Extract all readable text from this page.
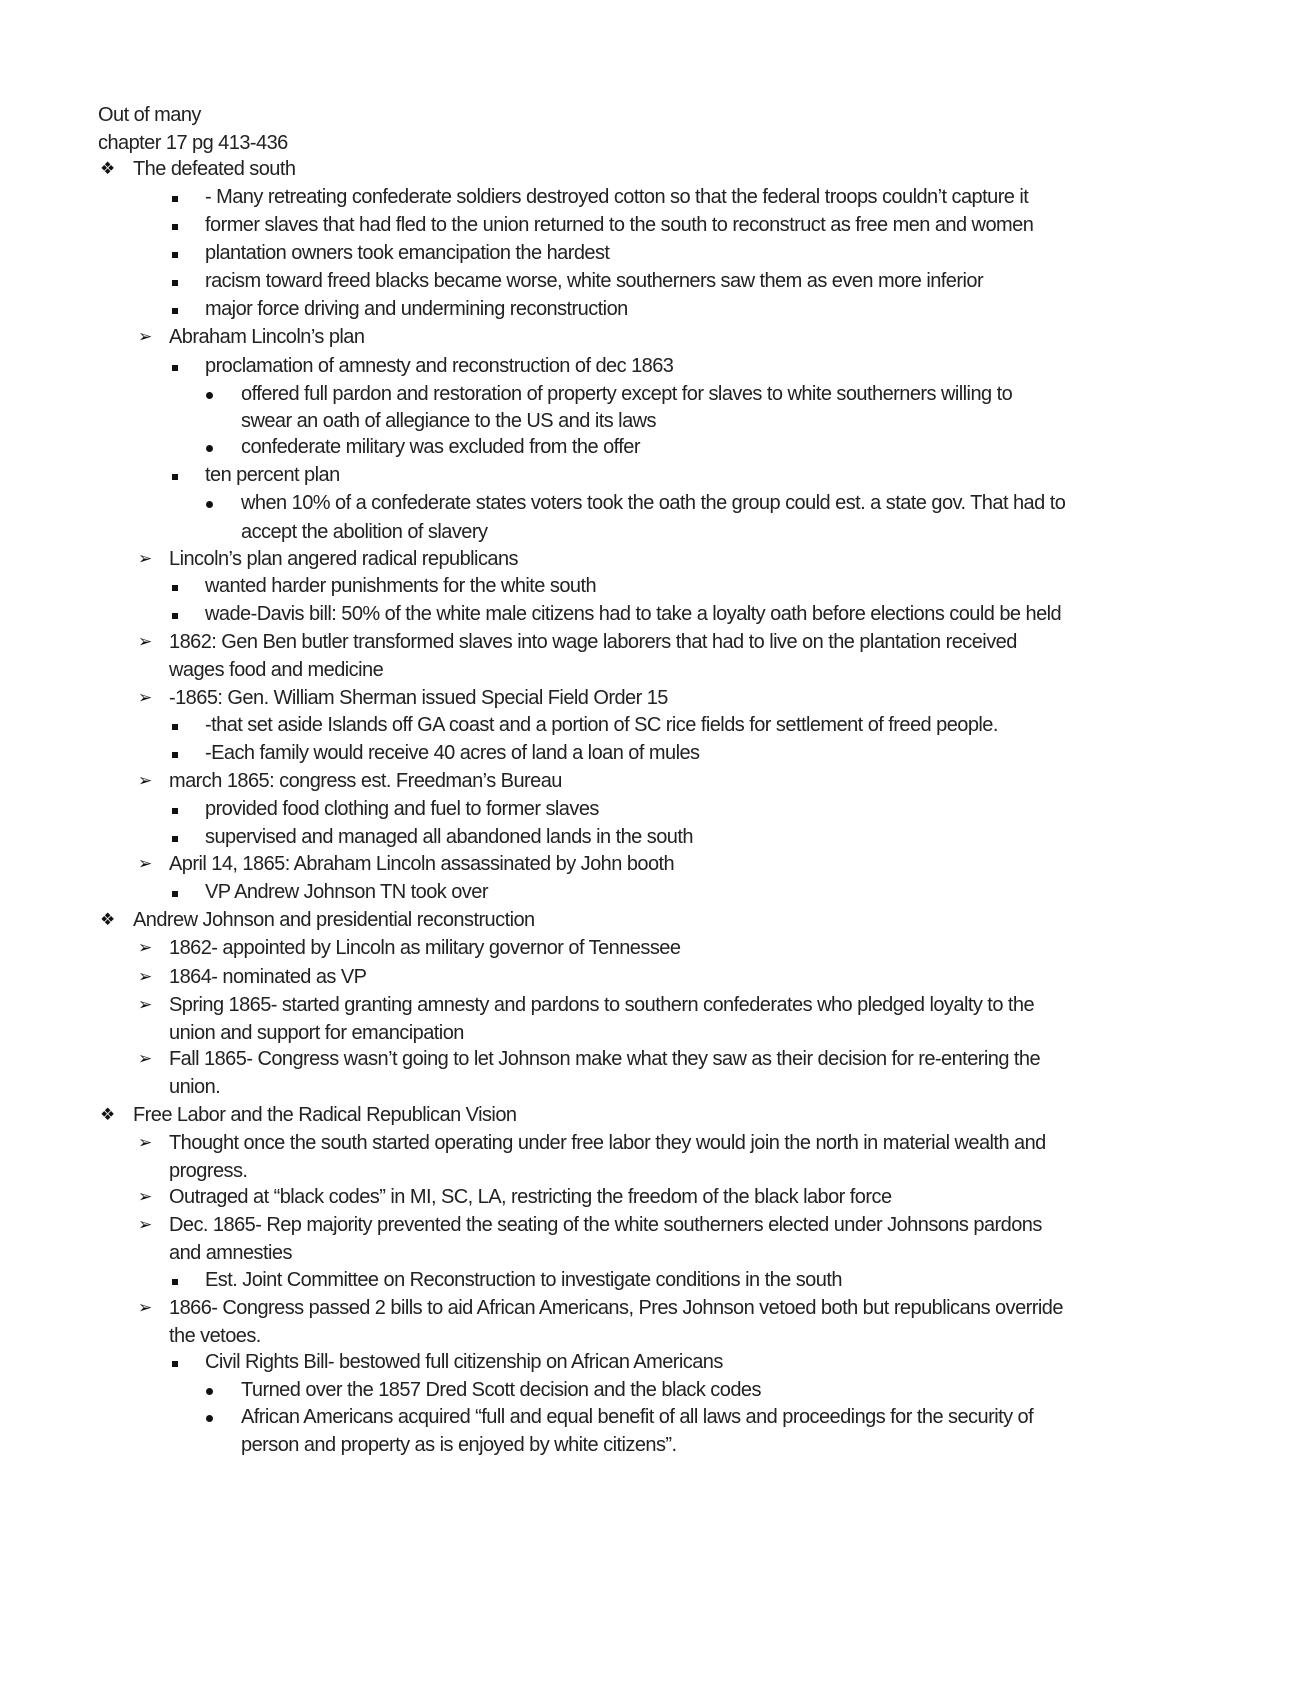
Out of many
chapter 17 pg 413-436
❖ The defeated south
- Many retreating confederate soldiers destroyed cotton so that the federal troops couldn’t capture it
former slaves that had fled to the union returned to the south to reconstruct as free men and women
plantation owners took emancipation the hardest
racism toward freed blacks became worse, white southerners saw them as even more inferior
major force driving and undermining reconstruction
➢ Abraham Lincoln’s plan
proclamation of amnesty and reconstruction of dec 1863
offered full pardon and restoration of property except for slaves to white southerners willing to
swear an oath of allegiance to the US and its laws
confederate military was excluded from the offer
ten percent plan
when 10% of a confederate states voters took the oath the group could est. a state gov. That had to
accept the abolition of slavery
➢ Lincoln’s plan angered radical republicans
wanted harder punishments for the white south
wade-Davis bill: 50% of the white male citizens had to take a loyalty oath before elections could be held
➢ 1862: Gen Ben butler transformed slaves into wage laborers that had to live on the plantation received
wages food and medicine
➢ -1865: Gen. William Sherman issued Special Field Order 15
-that set aside Islands off GA coast and a portion of SC rice fields for settlement of freed people.
-Each family would receive 40 acres of land a loan of mules
➢ march 1865: congress est. Freedman’s Bureau
provided food clothing and fuel to former slaves
supervised and managed all abandoned lands in the south
➢ April 14, 1865: Abraham Lincoln assassinated by John booth
VP Andrew Johnson TN took over
❖ Andrew Johnson and presidential reconstruction
➢ 1862- appointed by Lincoln as military governor of Tennessee
➢ 1864- nominated as VP
➢ Spring 1865- started granting amnesty and pardons to southern confederates who pledged loyalty to the
union and support for emancipation
➢ Fall 1865- Congress wasn’t going to let Johnson make what they saw as their decision for re-entering the
union.
❖ Free Labor and the Radical Republican Vision
➢ Thought once the south started operating under free labor they would join the north in material wealth and
progress.
➢ Outraged at “black codes” in MI, SC, LA, restricting the freedom of the black labor force
➢ Dec. 1865- Rep majority prevented the seating of the white southerners elected under Johnsons pardons
and amnesties
Est. Joint Committee on Reconstruction to investigate conditions in the south
➢ 1866- Congress passed 2 bills to aid African Americans, Pres Johnson vetoed both but republicans override
the vetoes.
Civil Rights Bill- bestowed full citizenship on African Americans
Turned over the 1857 Dred Scott decision and the black codes
African Americans acquired “full and equal benefit of all laws and proceedings for the security of
person and property as is enjoyed by white citizens”.
